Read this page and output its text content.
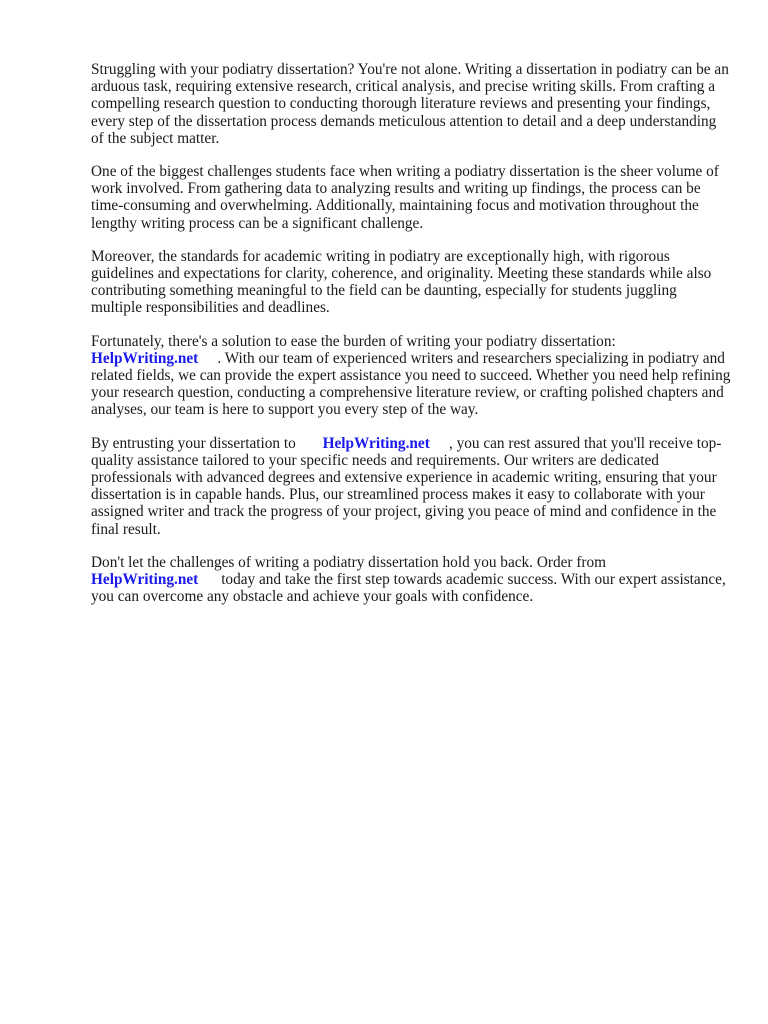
Struggling with your podiatry dissertation? You're not alone. Writing a dissertation in podiatry can be an arduous task, requiring extensive research, critical analysis, and precise writing skills. From crafting a compelling research question to conducting thorough literature reviews and presenting your findings, every step of the dissertation process demands meticulous attention to detail and a deep understanding of the subject matter.

One of the biggest challenges students face when writing a podiatry dissertation is the sheer volume of work involved. From gathering data to analyzing results and writing up findings, the process can be time-consuming and overwhelming. Additionally, maintaining focus and motivation throughout the lengthy writing process can be a significant challenge.

Moreover, the standards for academic writing in podiatry are exceptionally high, with rigorous guidelines and expectations for clarity, coherence, and originality. Meeting these standards while also contributing something meaningful to the field can be daunting, especially for students juggling multiple responsibilities and deadlines.

Fortunately, there's a solution to ease the burden of writing your podiatry dissertation:
HelpWriting.net . With our team of experienced writers and researchers specializing in podiatry and related fields, we can provide the expert assistance you need to succeed. Whether you need help refining your research question, conducting a comprehensive literature review, or crafting polished chapters and analyses, our team is here to support you every step of the way.

By entrusting your dissertation to HelpWriting.net , you can rest assured that you'll receive top-quality assistance tailored to your specific needs and requirements. Our writers are dedicated professionals with advanced degrees and extensive experience in academic writing, ensuring that your dissertation is in capable hands. Plus, our streamlined process makes it easy to collaborate with your assigned writer and track the progress of your project, giving you peace of mind and confidence in the final result.

Don't let the challenges of writing a podiatry dissertation hold you back. Order from
HelpWriting.net today and take the first step towards academic success. With our expert assistance, you can overcome any obstacle and achieve your goals with confidence.
